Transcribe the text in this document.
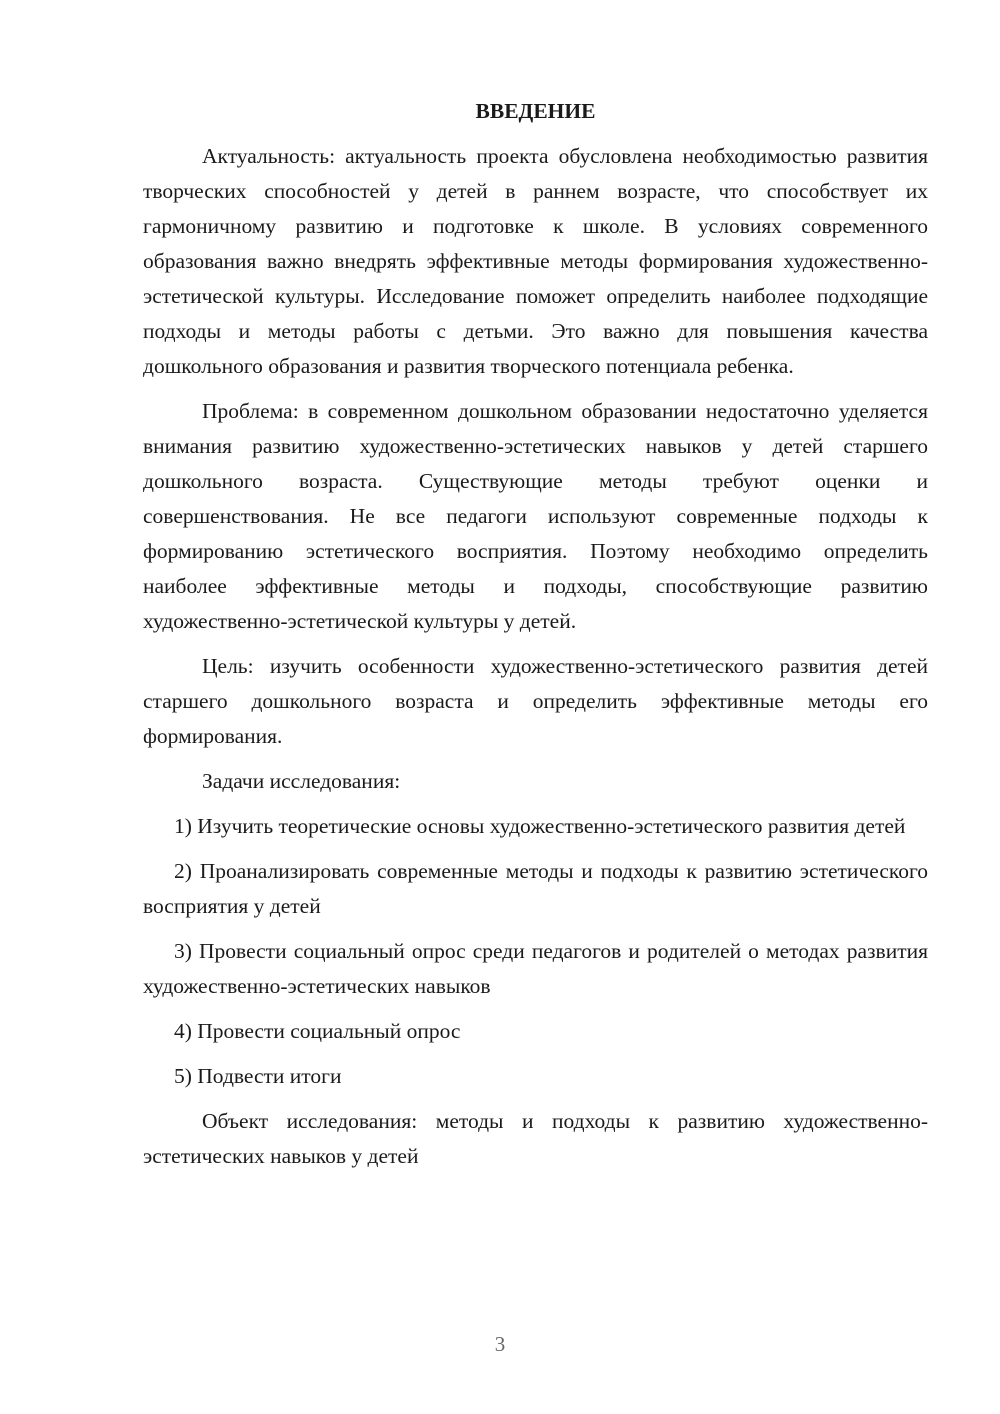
ВВЕДЕНИЕ

Актуальность: актуальность проекта обусловлена необходимостью развития творческих способностей у детей в раннем возрасте, что способствует их гармоничному развитию и подготовке к школе. В условиях современного образования важно внедрять эффективные методы формирования художественно-эстетической культуры. Исследование поможет определить наиболее подходящие подходы и методы работы с детьми. Это важно для повышения качества дошкольного образования и развития творческого потенциала ребенка.

Проблема: в современном дошкольном образовании недостаточно уделяется внимания развитию художественно-эстетических навыков у детей старшего дошкольного возраста. Существующие методы требуют оценки и совершенствования. Не все педагоги используют современные подходы к формированию эстетического восприятия. Поэтому необходимо определить наиболее эффективные методы и подходы, способствующие развитию художественно-эстетической культуры у детей.

Цель: изучить особенности художественно-эстетического развития детей старшего дошкольного возраста и определить эффективные методы его формирования.

Задачи исследования:

1) Изучить теоретические основы художественно-эстетического развития детей

2) Проанализировать современные методы и подходы к развитию эстетического восприятия у детей

3) Провести социальный опрос среди педагогов и родителей о методах развития художественно-эстетических навыков

4) Провести социальный опрос

5) Подвести итоги

Объект исследования: методы и подходы к развитию художественно-эстетических навыков у детей

3
